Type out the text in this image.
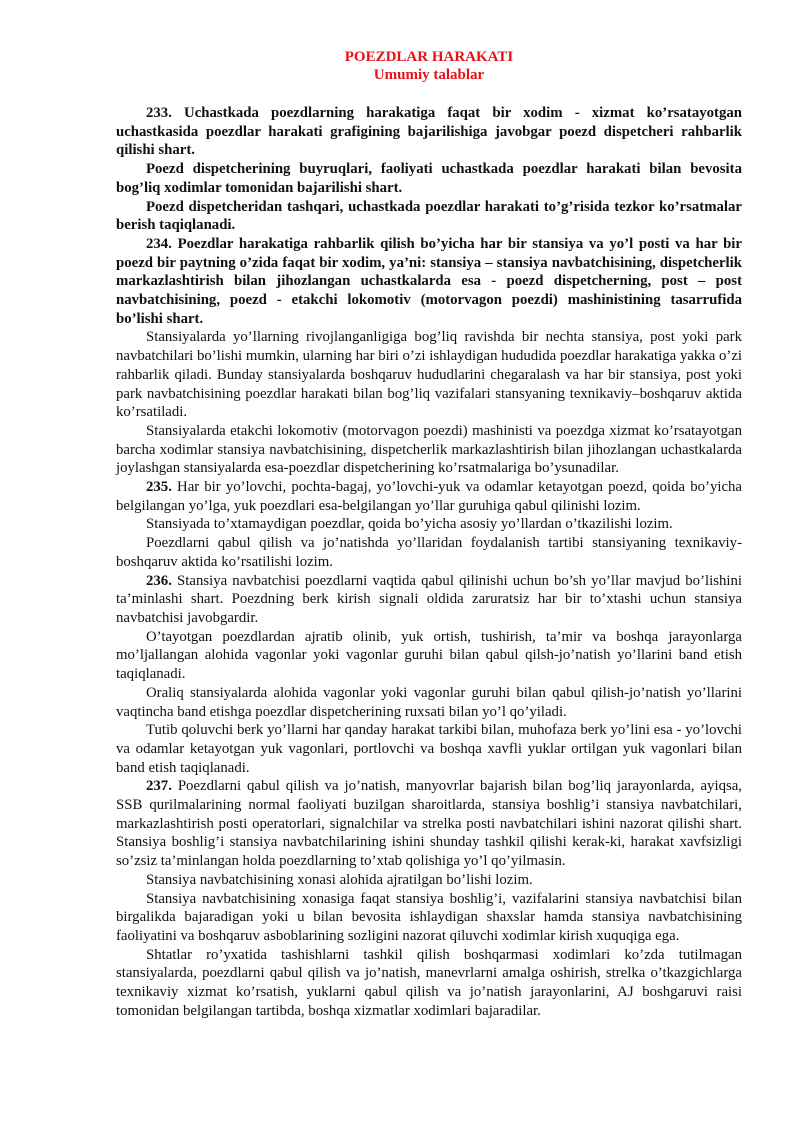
POEZDLAR HARAKATI
Umumiy talablar

233. Uchastkada poezdlarning harakatiga faqat bir xodim - xizmat ko’rsatayotgan uchastkasida poezdlar harakati grafigining bajarilishiga javobgar poezd dispetcheri rahbarlik qilishi shart.

Poezd dispetcherining buyruqlari, faoliyati uchastkada poezdlar harakati bilan bevosita bog’liq xodimlar tomonidan bajarilishi shart.

Poezd dispetcheridan tashqari, uchastkada poezdlar harakati to’g’risida tezkor ko’rsatmalar berish taqiqlanadi.

234. Poezdlar harakatiga rahbarlik qilish bo’yicha har bir stansiya va yo’l posti va har bir poezd bir paytning o’zida faqat bir xodim, ya’ni: stansiya – stansiya navbatchisining, dispetcherlik markazlashtirish bilan jihozlangan uchastkalarda esa - poezd dispetcherning, post – post navbatchisining, poezd - etakchi lokomotiv (motorvagon poezdi) mashinistining tasarrufida bo’lishi shart.

Stansiyalarda yo’llarning rivojlanganligiga bog’liq ravishda bir nechta stansiya, post yoki park navbatchilari bo’lishi mumkin, ularning har biri o’zi ishlaydigan hududida poezdlar harakatiga yakka o’zi rahbarlik qiladi. Bunday stansiyalarda boshqaruv hududlarini chegaralash va har bir stansiya, post yoki park navbatchisining poezdlar harakati bilan bog’liq vazifalari stansyaning texnikaviy–boshqaruv aktida ko’rsatiladi.

Stansiyalarda etakchi lokomotiv (motorvagon poezdi) mashinisti va poezdga xizmat ko’rsatayotgan barcha xodimlar stansiya navbatchisining, dispetcherlik markazlashtirish bilan jihozlangan uchastkalarda joylashgan stansiyalarda esa-poezdlar dispetcherining ko’rsatmalariga bo’ysunadilar.

235. Har bir yo’lovchi, pochta-bagaj, yo’lovchi-yuk va odamlar ketayotgan poezd, qoida bo’yicha belgilangan yo’lga, yuk poezdlari esa-belgilangan yo’llar guruhiga qabul qilinishi lozim.

Stansiyada to’xtamaydigan poezdlar, qoida bo’yicha asosiy yo’llardan o’tkazilishi lozim.

Poezdlarni qabul qilish va jo’natishda yo’llaridan foydalanish tartibi stansiyaning texnikaviy-boshqaruv aktida ko’rsatilishi lozim.

236. Stansiya navbatchisi poezdlarni vaqtida qabul qilinishi uchun bo’sh yo’llar mavjud bo’lishini ta’minlashi shart. Poezdning berk kirish signali oldida zaruratsiz har bir to’xtashi uchun stansiya navbatchisi javobgardir.

O’tayotgan poezdlardan ajratib olinib, yuk ortish, tushirish, ta’mir va boshqa jarayonlarga mo’ljallangan alohida vagonlar yoki vagonlar guruhi bilan qabul qilsh-jo’natish yo’llarini band etish taqiqlanadi.

Oraliq stansiyalarda alohida vagonlar yoki vagonlar guruhi bilan qabul qilish-jo’natish yo’llarini vaqtincha band etishga poezdlar dispetcherining ruxsati bilan yo’l qo’yiladi.

Tutib qoluvchi berk yo’llarni har qanday harakat tarkibi bilan, muhofaza berk yo’lini esa - yo’lovchi va odamlar ketayotgan yuk vagonlari, portlovchi va boshqa xavfli yuklar ortilgan yuk vagonlari bilan band etish taqiqlanadi.

237. Poezdlarni qabul qilish va jo’natish, manyovrlar bajarish bilan bog’liq jarayonlarda, ayiqsa, SSB qurilmalarining normal faoliyati buzilgan sharoitlarda, stansiya boshlig’i stansiya navbatchilari, markazlashtirish posti operatorlari, signalchilar va strelka posti navbatchilari ishini nazorat qilishi shart. Stansiya boshlig’i stansiya navbatchilarining ishini shunday tashkil qilishi kerak-ki, harakat xavfsizligi so’zsiz ta’minlangan holda poezdlarning to’xtab qolishiga yo’l qo’yilmasin.

Stansiya navbatchisining xonasi alohida ajratilgan bo’lishi lozim.

Stansiya navbatchisining xonasiga faqat stansiya boshlig’i, vazifalarini stansiya navbatchisi bilan birgalikda bajaradigan yoki u bilan bevosita ishlaydigan shaxslar hamda stansiya navbatchisining faoliyatini va boshqaruv asboblarining sozligini nazorat qiluvchi xodimlar kirish xuquqiga ega.

Shtatlar ro’yxatida tashishlarni tashkil qilish boshqarmasi xodimlari ko’zda tutilmagan stansiyalarda, poezdlarni qabul qilish va jo’natish, manevrlarni amalga oshirish, strelka o’tkazgichlarga texnikaviy xizmat ko’rsatish, yuklarni qabul qilish va jo’natish jarayonlarini, AJ boshgaruvi raisi tomonidan belgilangan tartibda, boshqa xizmatlar xodimlari bajaradilar.
